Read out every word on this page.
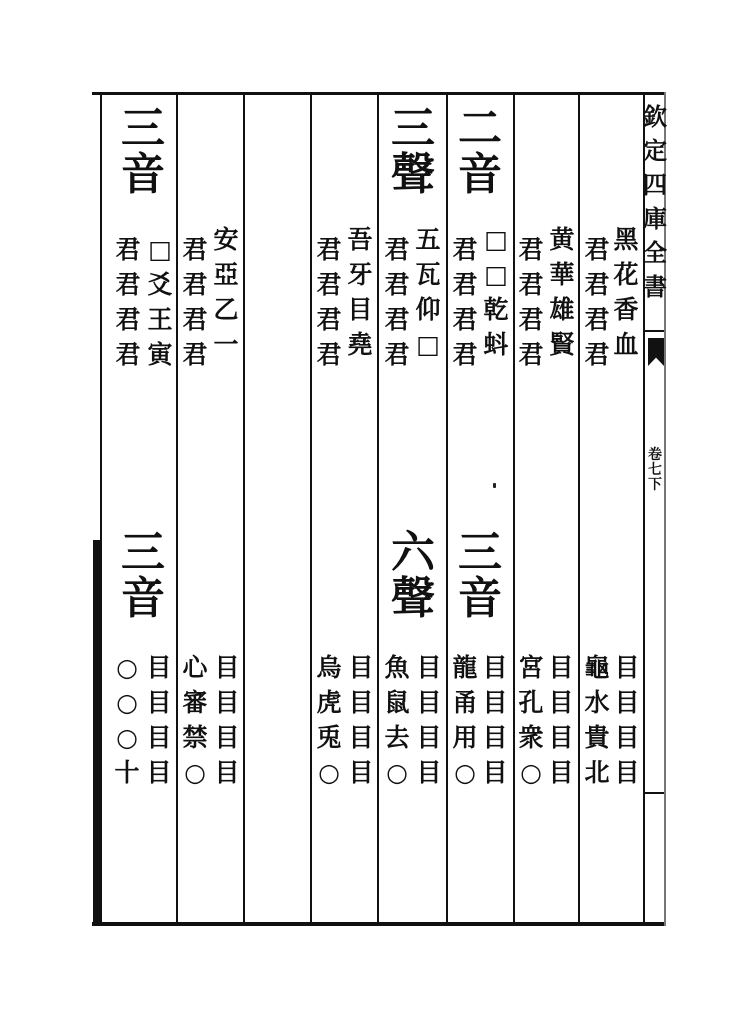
欽
定
四
庫
全
書
卷
七
下
二
音
三
聲
三
音
三
音
六
聲
三
音
黑
花
香
血
君
君
君
君
黄
華
雄
賢
君
君
君
君
□
□
乾
蚪
君
君
君
君
五
瓦
仰
□
君
君
君
君
吾
牙
目
堯
君
君
君
君
安
亞
乙
一
君
君
君
君
□
爻
王
寅
君
君
君
君
目
目
目
目
龜
水
貴
北
目
目
目
目
宮
孔
衆
○
目
目
目
目
龍
甬
用
○
目
目
目
目
魚
鼠
去
○
目
目
目
目
烏
虎
兎
○
目
目
目
目
心
審
禁
○
目
目
目
目
○
○
○
十
